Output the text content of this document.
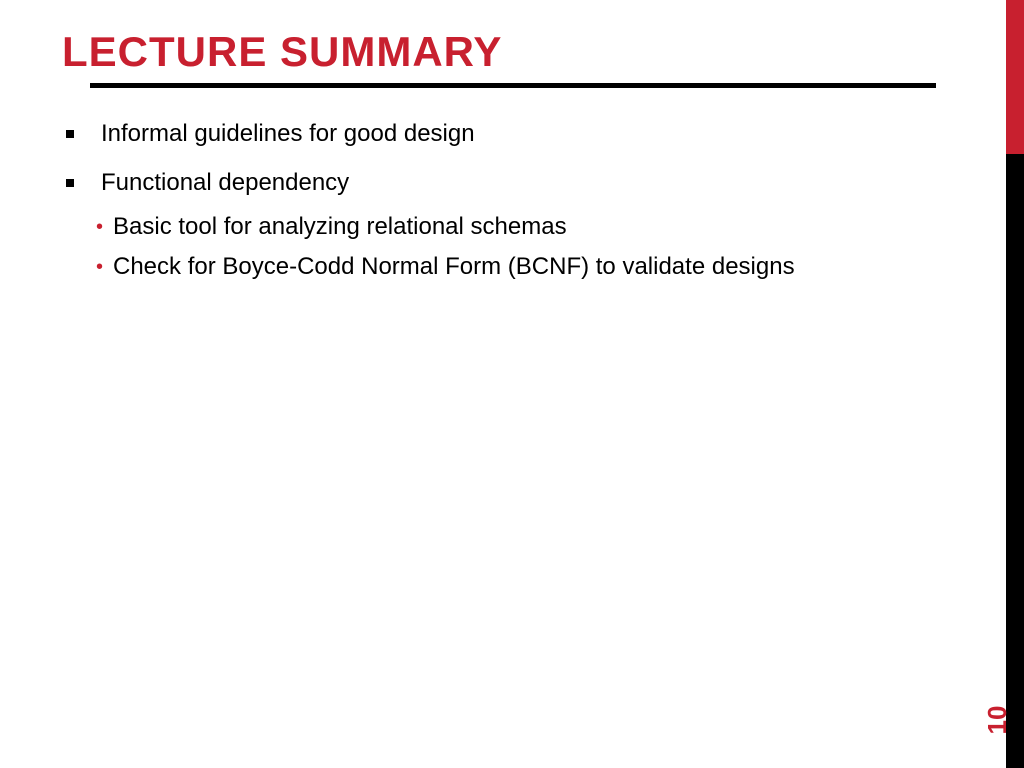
LECTURE SUMMARY
Informal guidelines for good design
Functional dependency
• Basic tool for analyzing relational schemas
• Check for Boyce-Codd Normal Form (BCNF) to validate designs
10
